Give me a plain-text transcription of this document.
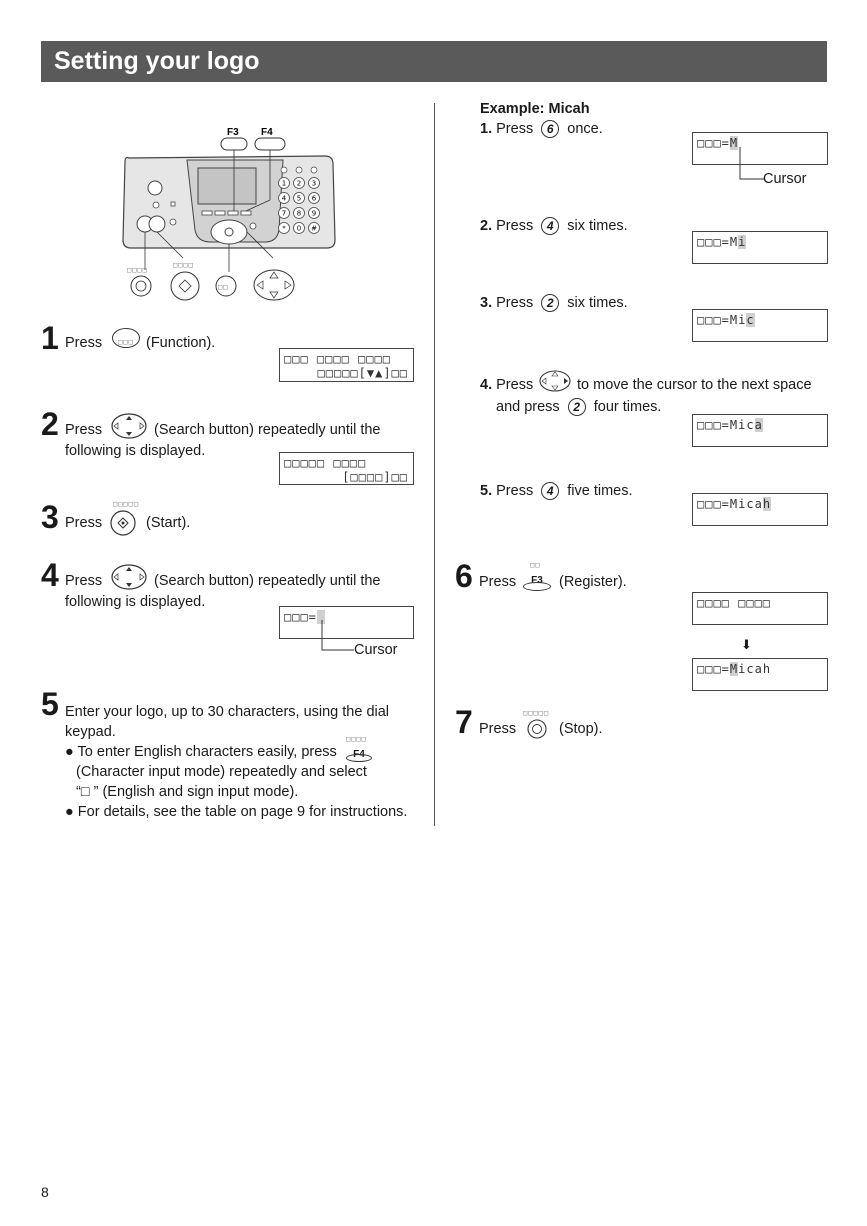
Setting your logo
F3 F4
1 2 3
4 5 6
7 8 9
* 0 #
□□□□
□□□□
□□
1 Press	□□□ (Function).
□□□ □□□□ □□□□
□□□□□[▼▲]□□
2 Press	(Search button) repeatedly until the
following is displayed.
□□□□□ □□□□
[□□□□]□□
3 Press
□□□□□
(Start).
4 Press	(Search button) repeatedly until the
following is displayed.
□□□=
Cursor
5 Enter your logo, up to 30 characters, using the dial
keypad.
● To enter English characters easily, press
□□□□
F4
(Character input mode) repeatedly and select
“□ ” (English and sign input mode).
● For details, see the table on page 9 for instructions.
Example: Micah
1. Press 6 once.
□□□=M
Cursor
2. Press 4 six times.
□□□=Mi
3. Press 2 six times.
□□□=Mic
4. Press	to move the cursor to the next space
and press 2 four times.
□□□=Mica
5. Press 4 five times.
□□□=Micah
6 Press
□□
F3	(Register).
□□□□ □□□□
⬇
□□□=Micah
7 Press
□□□□□
(Stop).
8
